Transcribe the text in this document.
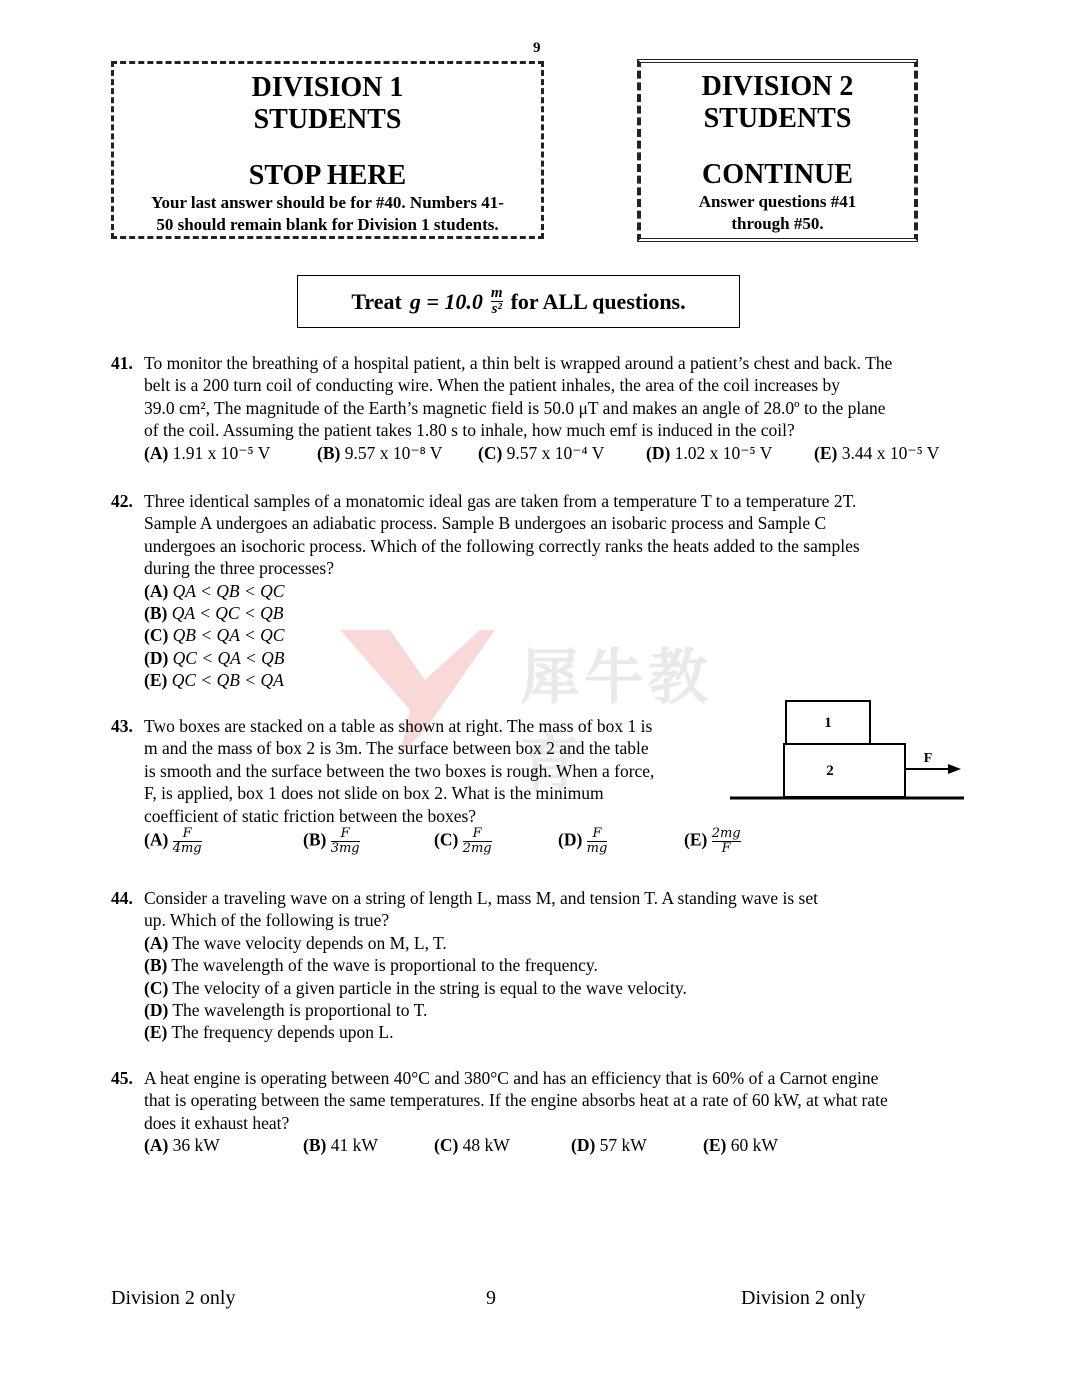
9
DIVISION 1
STUDENTS
STOP HERE
Your last answer should be for #40. Numbers 41-
50 should remain blank for Division 1 students.
DIVISION 2
STUDENTS
CONTINUE
Answer questions #41
through #50.
Treat $g = 10.0 \frac{m}{\text{s²}}$ for ALL questions.
犀牛教育
41. To monitor the breathing of a hospital patient, a thin belt is wrapped around a patient’s chest and back. The
belt is a 200 turn coil of conducting wire. When the patient inhales, the area of the coil increases by
39.0 cm², The magnitude of the Earth’s magnetic field is 50.0 μT and makes an angle of 28.0º to the plane
of the coil. Assuming the patient takes 1.80 s to inhale, how much emf is induced in the coil?
(A) 1.91 x 10⁻⁵ V	(B) 9.57 x 10⁻⁸ V	(C) 9.57 x 10⁻⁴ V	(D) 1.02 x 10⁻⁵ V	(E) 3.44 x 10⁻⁵ V
42. Three identical samples of a monatomic ideal gas are taken from a temperature T to a temperature 2T.
Sample A undergoes an adiabatic process. Sample B undergoes an isobaric process and Sample C
undergoes an isochoric process. Which of the following correctly ranks the heats added to the samples
during the three processes?
(A) QA < QB < QC
(B) QA < QC < QB
(C) QB < QA < QC
(D) QC < QA < QB
(E) QC < QB < QA
43. Two boxes are stacked on a table as shown at right. The mass of box 1 is
m and the mass of box 2 is 3m. The surface between box 2 and the table
is smooth and the surface between the two boxes is rough. When a force,
F, is applied, box 1 does not slide on box 2. What is the minimum
coefficient of static friction between the boxes?
$(A) \frac{F}{4mg}$	$(B) \frac{F}{3mg}$	$(C) \frac{F}{2mg}$	$(D) \frac{F}{mg}$	$(E) \frac{2mg}{F}$
1
2
F
44. Consider a traveling wave on a string of length L, mass M, and tension T. A standing wave is set
up. Which of the following is true?
(A) The wave velocity depends on M, L, T.
(B) The wavelength of the wave is proportional to the frequency.
(C) The velocity of a given particle in the string is equal to the wave velocity.
(D) The wavelength is proportional to T.
(E) The frequency depends upon L.
45. A heat engine is operating between 40°C and 380°C and has an efficiency that is 60% of a Carnot engine
that is operating between the same temperatures. If the engine absorbs heat at a rate of 60 kW, at what rate
does it exhaust heat?
(A) 36 kW	(B) 41 kW	(C) 48 kW	(D) 57 kW	(E) 60 kW
Division 2 only	9	Division 2 only
